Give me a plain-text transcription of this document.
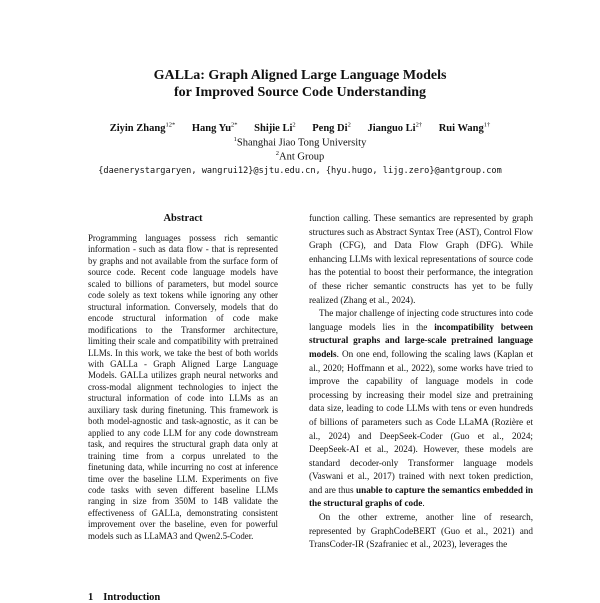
GALLa: Graph Aligned Large Language Models
for Improved Source Code Understanding
Ziyin Zhang$^{12*}$ Hang $Yu^{2*}$ Shijie Li$^2$ Peng Di$^2$ Jianguo $Li^{2\dagger}$ Rui Wang$^{1\dagger}$
$^1$Shanghai Jiao Tong University
$^2$Ant Group
{daenerystargaryen, wangrui12}@sjtu.edu.cn, {hyu.hugo, lijg.zero}@antgroup.com
Abstract
Programming languages possess rich semantic information - such as data flow - that is represented by graphs and not available from the surface form of source code. Recent code language models have scaled to billions of parameters, but model source code solely as text tokens while ignoring any other structural information. Conversely, models that do encode structural information of code make modifications to the Transformer architecture, limiting their scale and compatibility with pretrained LLMs. In this work, we take the best of both worlds with GALLa - Graph Aligned Large Language Models. GALLa utilizes graph neural networks and cross-modal alignment technologies to inject the structural information of code into LLMs as an auxiliary task during finetuning. This framework is both model-agnostic and task-agnostic, as it can be applied to any code LLM for any code downstream task, and requires the structural graph data only at training time from a corpus unrelated to the finetuning data, while incurring no cost at inference time over the baseline LLM. Experiments on five code tasks with seven different baseline LLMs ranging in size from 350M to 14B validate the effectiveness of GALLa, demonstrating consistent improvement over the baseline, even for powerful models such as LLaMA3 and Qwen2.5-Coder.

function calling. These semantics are represented by graph structures such as Abstract Syntax Tree (AST), Control Flow Graph (CFG), and Data Flow Graph (DFG). While enhancing LLMs with lexical representations of source code has the potential to boost their performance, the integration of these richer semantic constructs has yet to be fully realized (Zhang et al., 2024).

The major challenge of injecting code structures into code language models lies in the incompatibility between structural graphs and large-scale pretrained language models. On one end, following the scaling laws (Kaplan et al., 2020; Hoffmann et al., 2022), some works have tried to improve the capability of language models in code processing by increasing their model size and pretraining data size, leading to code LLMs with tens or even hundreds of billions of parameters such as Code LLaMA (Rozière et al., 2024) and DeepSeek-Coder (Guo et al., 2024; DeepSeek-AI et al., 2024). However, these models are standard decoder-only Transformer language models (Vaswani et al., 2017) trained with next token prediction, and are thus unable to capture the semantics embedded in the structural graphs of code.

On the other extreme, another line of research, represented by GraphCodeBERT (Guo et al., 2021) and TransCoder-IR (Szafraniec et al., 2023), leverages the

1 Introduction
